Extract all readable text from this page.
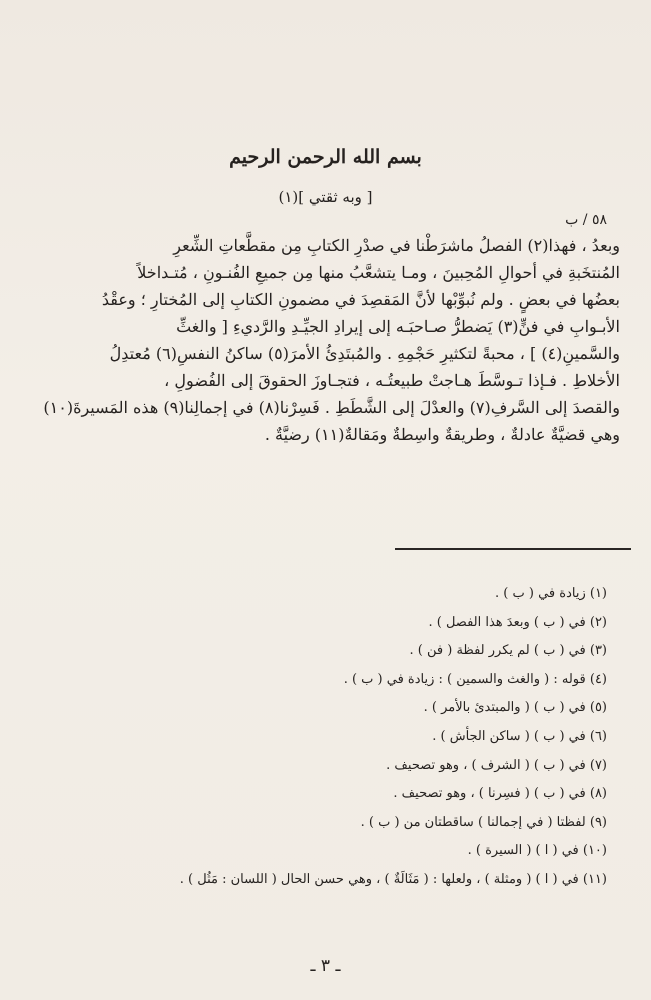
بسم الله الرحمن الرحيم
[ وبه ثقتي ](١)
٥٨ / ب
وبعدُ ، فهذا(٢) الفصلُ ماشرَطْنا في صدْرِ الكتابِ مِن مقطَّعاتِ الشِّعرِ
المُنتخَبةِ في أحوالِ المُحِبينَ ، ومـا يتشعَّبُ منها مِن جميعِ الفُنـونِ ، مُتـداخلاً
بعضُها في بعضٍ . ولم نُبوِّبْها لأنَّ المَقصِدَ في مضمونِ الكتابِ إلى المُختارِ ؛ وعقْدُ
الأبـوابِ في فنٍّ(٣) يَضطرُّ صـاحبَـه إلى إيرادِ الجيِّـدِ والرَّديءِ [ والغثِّ
والسَّمينِ(٤) ] ، محبةً لتكثيرِ حَجْمِهِ . والمُبتَدِئُ الأمرَ(٥) ساكنُ النفسِ(٦) مُعتدِلُ
الأخلاطِ . فـإذا تـوسَّطَ هـاجتْ طبيعتُـه ، فتجـاوزَ الحقوقَ إلى الفُضولِ ،
والقصدَ إلى السَّرفِ(٧) والعدْلَ إلى الشَّطَطِ . فَسِرْنا(٨) في إجمالِنا(٩) هذه المَسيرةَ(١٠)
وهي قضيَّةٌ عادلةٌ ، وطريقةٌ واسِطةٌ ومَقالةٌ(١١) رضيَّةٌ .
(١) زيادة في ( ب ) .
(٢) في ( ب ) وبعدَ هذا الفصل ) .
(٣) في ( ب ) لم يكرر لفظة ( فن ) .
(٤) قوله : ( والغث والسمين ) : زيادة في ( ب ) .
(٥) في ( ب ) ( والمبتدئ بالأمر ) .
(٦) في ( ب ) ( ساكن الجأش ) .
(٧) في ( ب ) ( الشرف ) ، وهو تصحيف .
(٨) في ( ب ) ( فسِرنا ) ، وهو تصحيف .
(٩) لفظتا ( في إجمالنا ) ساقطتان من ( ب ) .
(١٠) في ( ا ) ( السيرة ) .
(١١) في ( ا ) ( ومثلة ) ، ولعلها : ( مَثَالَةٌ ) ، وهي حسن الحال ( اللسان : مَثُل ) .
ـ ٣ ـ
